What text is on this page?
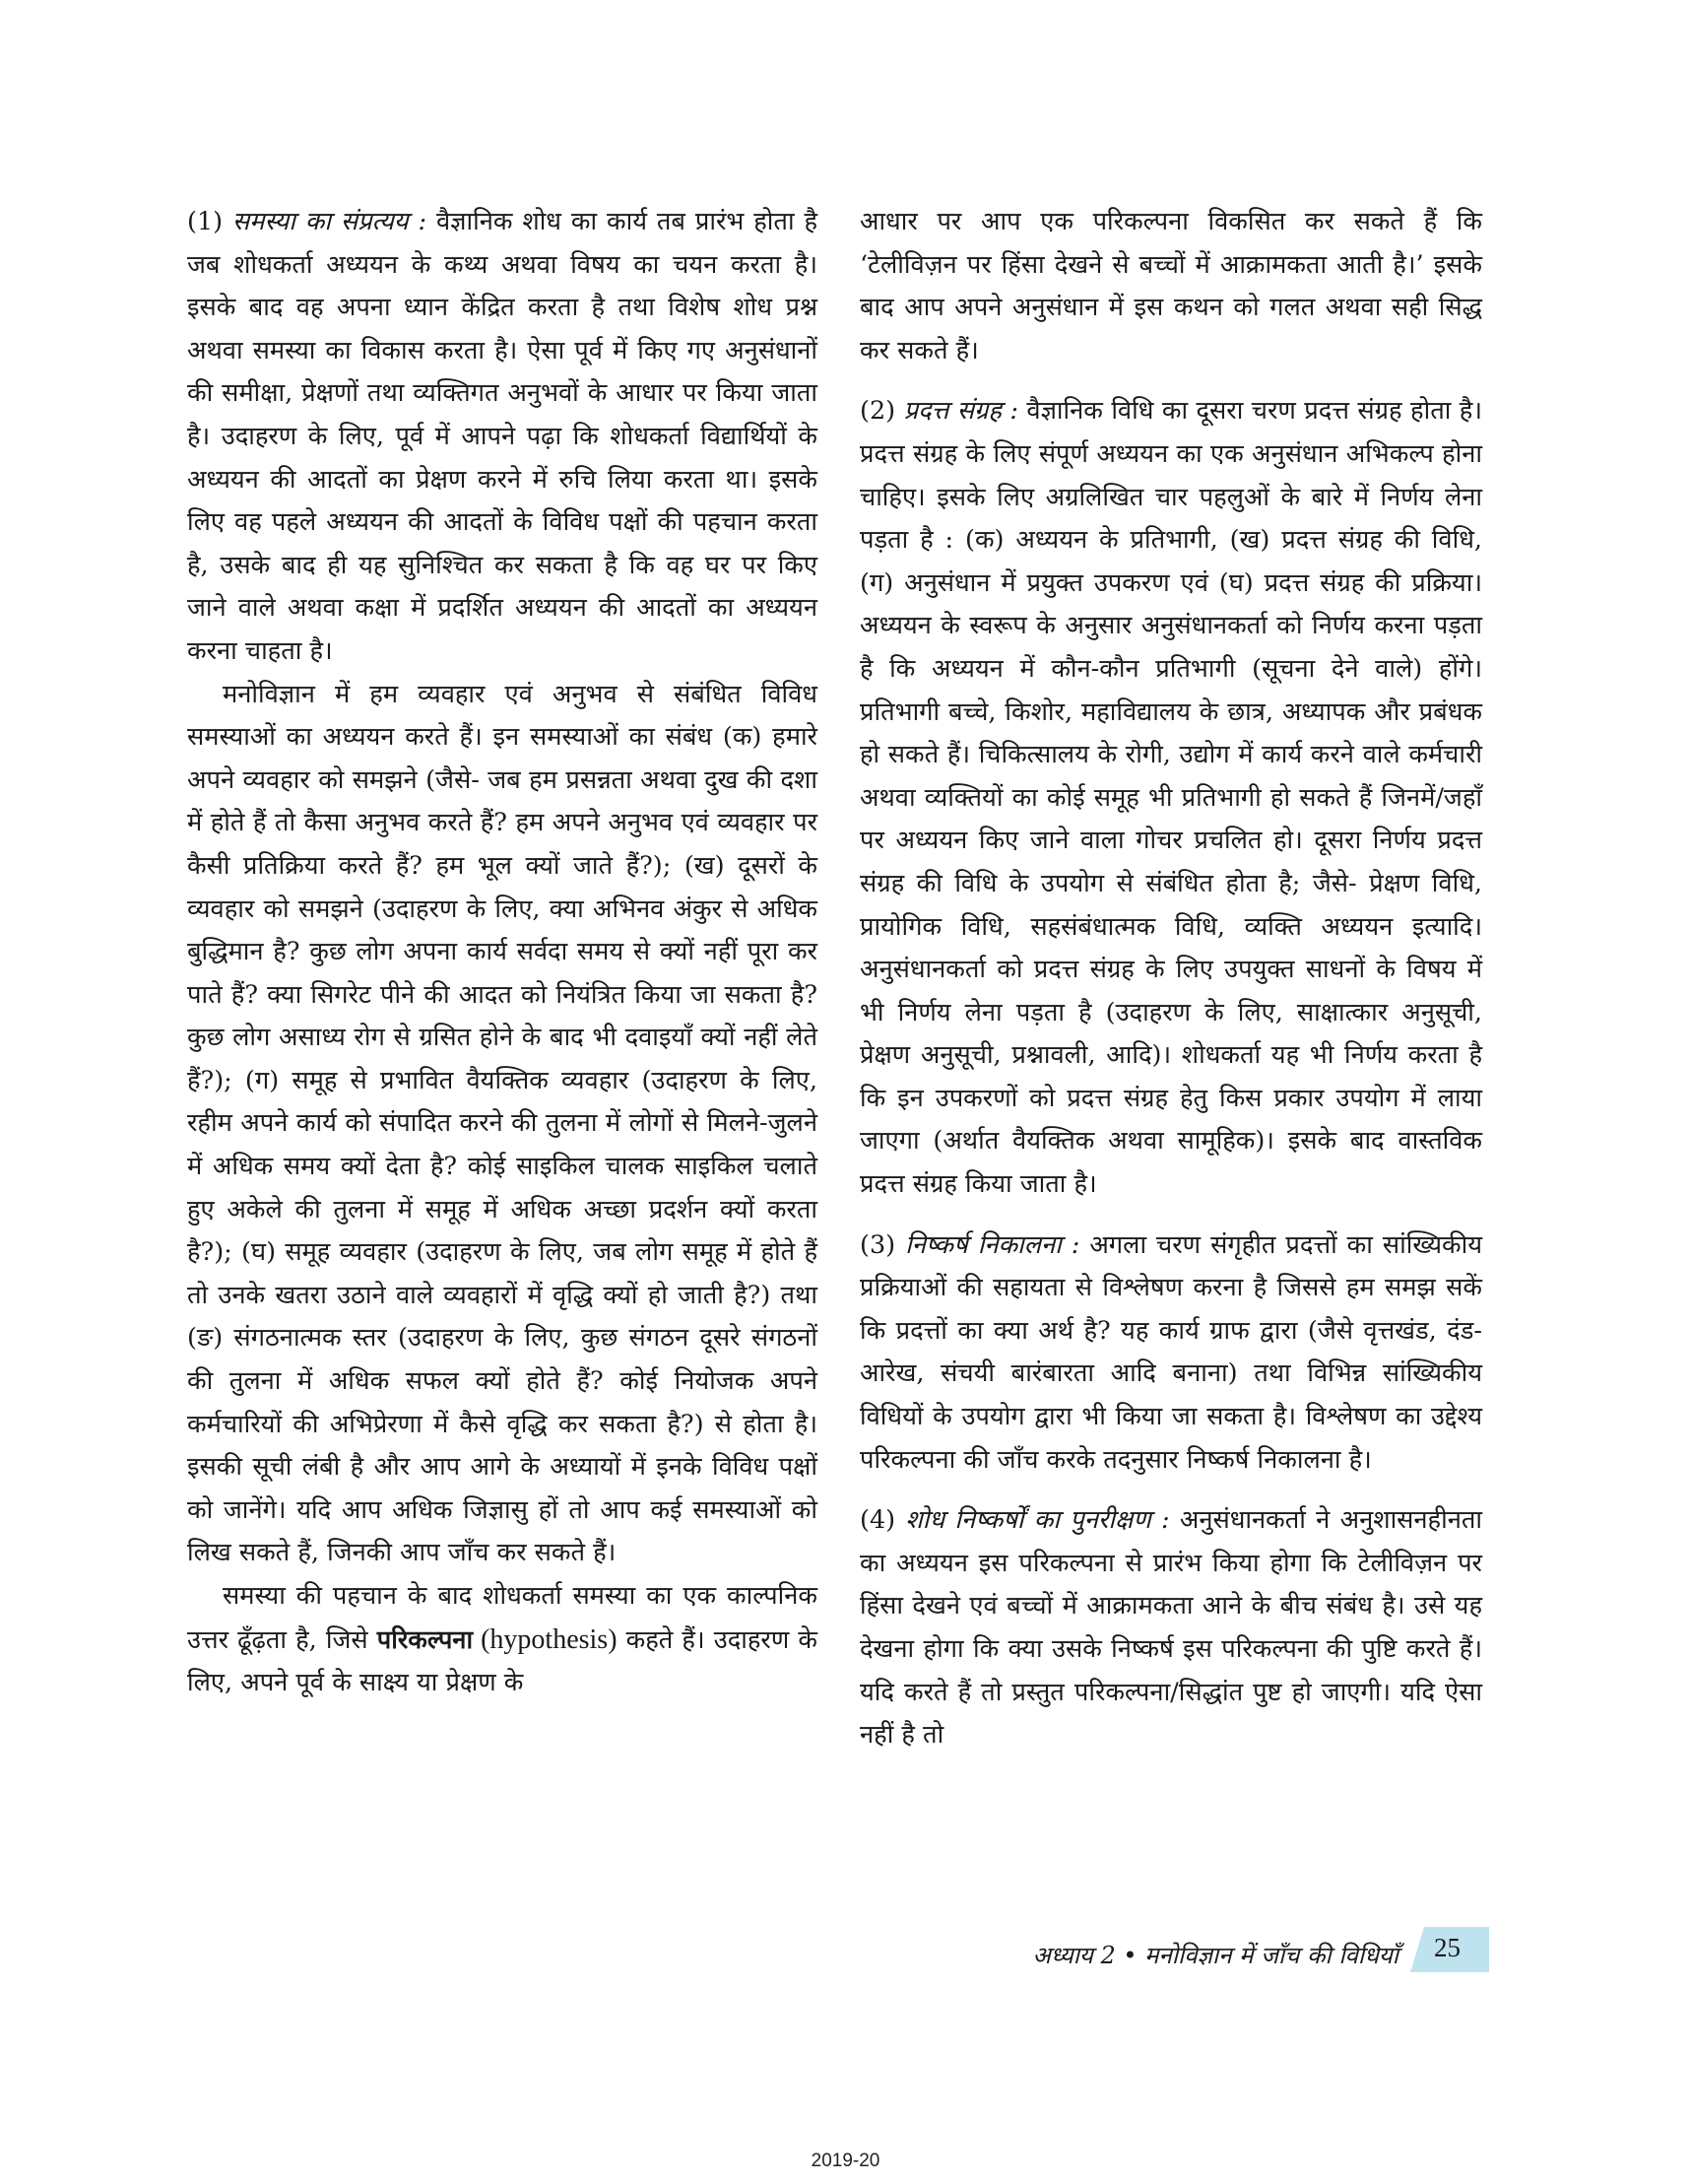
(1) समस्या का संप्रत्यय : वैज्ञानिक शोध का कार्य तब प्रारंभ होता है जब शोधकर्ता अध्ययन के कथ्य अथवा विषय का चयन करता है। इसके बाद वह अपना ध्यान केंद्रित करता है तथा विशेष शोध प्रश्न अथवा समस्या का विकास करता है। ऐसा पूर्व में किए गए अनुसंधानों की समीक्षा, प्रेक्षणों तथा व्यक्तिगत अनुभवों के आधार पर किया जाता है। उदाहरण के लिए, पूर्व में आपने पढ़ा कि शोधकर्ता विद्यार्थियों के अध्ययन की आदतों का प्रेक्षण करने में रुचि लिया करता था। इसके लिए वह पहले अध्ययन की आदतों के विविध पक्षों की पहचान करता है, उसके बाद ही यह सुनिश्चित कर सकता है कि वह घर पर किए जाने वाले अथवा कक्षा में प्रदर्शित अध्ययन की आदतों का अध्ययन करना चाहता है।

मनोविज्ञान में हम व्यवहार एवं अनुभव से संबंधित विविध समस्याओं का अध्ययन करते हैं। इन समस्याओं का संबंध (क) हमारे अपने व्यवहार को समझने (जैसे- जब हम प्रसन्नता अथवा दुख की दशा में होते हैं तो कैसा अनुभव करते हैं? हम अपने अनुभव एवं व्यवहार पर कैसी प्रतिक्रिया करते हैं? हम भूल क्यों जाते हैं?); (ख) दूसरों के व्यवहार को समझने (उदाहरण के लिए, क्या अभिनव अंकुर से अधिक बुद्धिमान है? कुछ लोग अपना कार्य सर्वदा समय से क्यों नहीं पूरा कर पाते हैं? क्या सिगरेट पीने की आदत को नियंत्रित किया जा सकता है? कुछ लोग असाध्य रोग से ग्रसित होने के बाद भी दवाइयाँ क्यों नहीं लेते हैं?); (ग) समूह से प्रभावित वैयक्तिक व्यवहार (उदाहरण के लिए, रहीम अपने कार्य को संपादित करने की तुलना में लोगों से मिलने-जुलने में अधिक समय क्यों देता है? कोई साइकिल चालक साइकिल चलाते हुए अकेले की तुलना में समूह में अधिक अच्छा प्रदर्शन क्यों करता है?); (घ) समूह व्यवहार (उदाहरण के लिए, जब लोग समूह में होते हैं तो उनके खतरा उठाने वाले व्यवहारों में वृद्धि क्यों हो जाती है?) तथा (ङ) संगठनात्मक स्तर (उदाहरण के लिए, कुछ संगठन दूसरे संगठनों की तुलना में अधिक सफल क्यों होते हैं? कोई नियोजक अपने कर्मचारियों की अभिप्रेरणा में कैसे वृद्धि कर सकता है?) से होता है। इसकी सूची लंबी है और आप आगे के अध्यायों में इनके विविध पक्षों को जानेंगे। यदि आप अधिक जिज्ञासु हों तो आप कई समस्याओं को लिख सकते हैं, जिनकी आप जाँच कर सकते हैं।

समस्या की पहचान के बाद शोधकर्ता समस्या का एक काल्पनिक उत्तर ढूँढ़ता है, जिसे परिकल्पना (hypothesis) कहते हैं। उदाहरण के लिए, अपने पूर्व के साक्ष्य या प्रेक्षण के

आधार पर आप एक परिकल्पना विकसित कर सकते हैं कि ‘टेलीविज़न पर हिंसा देखने से बच्चों में आक्रामकता आती है।’ इसके बाद आप अपने अनुसंधान में इस कथन को गलत अथवा सही सिद्ध कर सकते हैं।

(2) प्रदत्त संग्रह : वैज्ञानिक विधि का दूसरा चरण प्रदत्त संग्रह होता है। प्रदत्त संग्रह के लिए संपूर्ण अध्ययन का एक अनुसंधान अभिकल्प होना चाहिए। इसके लिए अग्रलिखित चार पहलुओं के बारे में निर्णय लेना पड़ता है : (क) अध्ययन के प्रतिभागी, (ख) प्रदत्त संग्रह की विधि, (ग) अनुसंधान में प्रयुक्त उपकरण एवं (घ) प्रदत्त संग्रह की प्रक्रिया। अध्ययन के स्वरूप के अनुसार अनुसंधानकर्ता को निर्णय करना पड़ता है कि अध्ययन में कौन-कौन प्रतिभागी (सूचना देने वाले) होंगे। प्रतिभागी बच्चे, किशोर, महाविद्यालय के छात्र, अध्यापक और प्रबंधक हो सकते हैं। चिकित्सालय के रोगी, उद्योग में कार्य करने वाले कर्मचारी अथवा व्यक्तियों का कोई समूह भी प्रतिभागी हो सकते हैं जिनमें/जहाँ पर अध्ययन किए जाने वाला गोचर प्रचलित हो। दूसरा निर्णय प्रदत्त संग्रह की विधि के उपयोग से संबंधित होता है; जैसे- प्रेक्षण विधि, प्रायोगिक विधि, सहसंबंधात्मक विधि, व्यक्ति अध्ययन इत्यादि। अनुसंधानकर्ता को प्रदत्त संग्रह के लिए उपयुक्त साधनों के विषय में भी निर्णय लेना पड़ता है (उदाहरण के लिए, साक्षात्कार अनुसूची, प्रेक्षण अनुसूची, प्रश्नावली, आदि)। शोधकर्ता यह भी निर्णय करता है कि इन उपकरणों को प्रदत्त संग्रह हेतु किस प्रकार उपयोग में लाया जाएगा (अर्थात वैयक्तिक अथवा सामूहिक)। इसके बाद वास्तविक प्रदत्त संग्रह किया जाता है।

(3) निष्कर्ष निकालना : अगला चरण संगृहीत प्रदत्तों का सांख्यिकीय प्रक्रियाओं की सहायता से विश्लेषण करना है जिससे हम समझ सकें कि प्रदत्तों का क्या अर्थ है? यह कार्य ग्राफ द्वारा (जैसे वृत्तखंड, दंड-आरेख, संचयी बारंबारता आदि बनाना) तथा विभिन्न सांख्यिकीय विधियों के उपयोग द्वारा भी किया जा सकता है। विश्लेषण का उद्देश्य परिकल्पना की जाँच करके तदनुसार निष्कर्ष निकालना है।

(4) शोध निष्कर्षों का पुनरीक्षण : अनुसंधानकर्ता ने अनुशासनहीनता का अध्ययन इस परिकल्पना से प्रारंभ किया होगा कि टेलीविज़न पर हिंसा देखने एवं बच्चों में आक्रामकता आने के बीच संबंध है। उसे यह देखना होगा कि क्या उसके निष्कर्ष इस परिकल्पना की पुष्टि करते हैं। यदि करते हैं तो प्रस्तुत परिकल्पना/सिद्धांत पुष्ट हो जाएगी। यदि ऐसा नहीं है तो

अध्याय 2 • मनोविज्ञान में जाँच की विधियाँ 25
2019-20
